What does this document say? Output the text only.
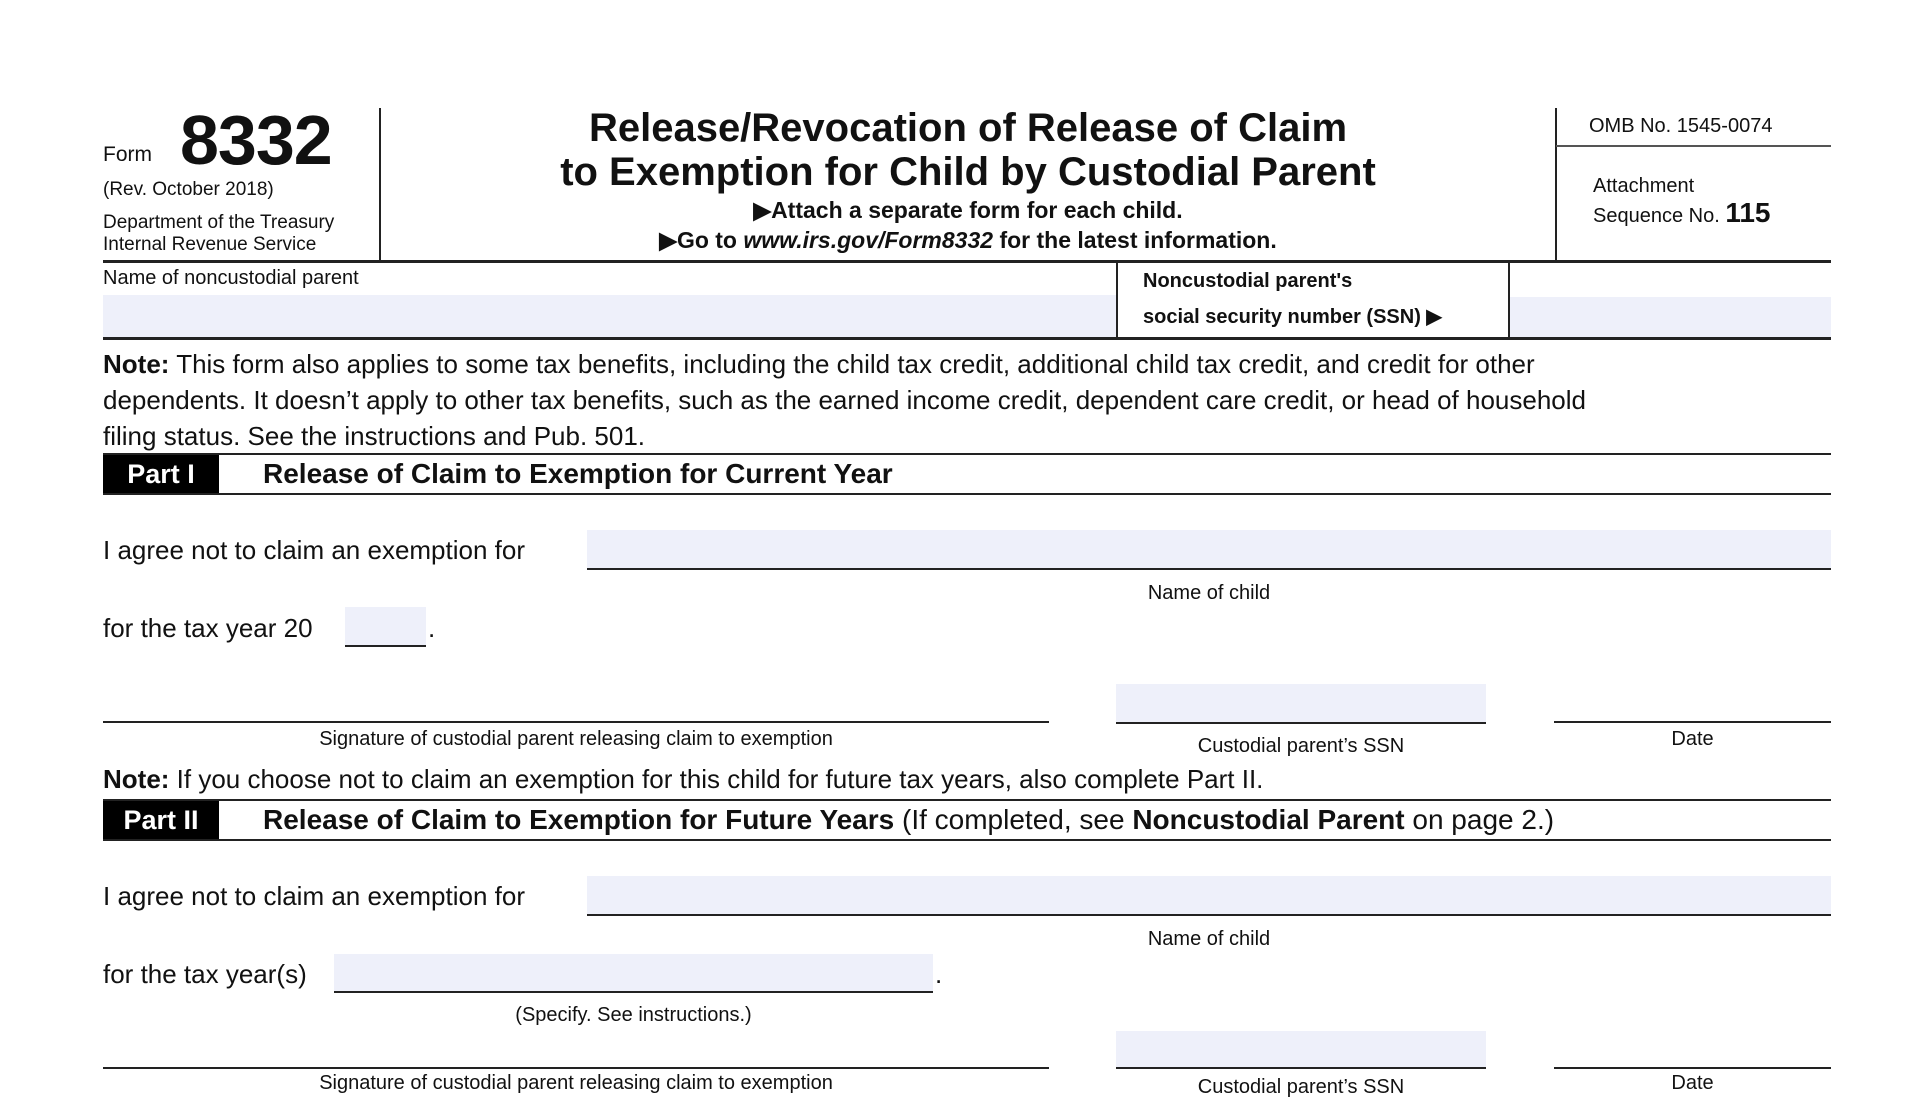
Form 8332
(Rev. October 2018)
Department of the Treasury
Internal Revenue Service
Release/Revocation of Release of Claim
to Exemption for Child by Custodial Parent
▶Attach a separate form for each child.
▶Go to www.irs.gov/Form8332 for the latest information.
OMB No. 1545-0074
Attachment
Sequence No. 115
Name of noncustodial parent	Noncustodial parent's
social security number (SSN) ▶
Note: This form also applies to some tax benefits, including the child tax credit, additional child tax credit, and credit for other
dependents. It doesn’t apply to other tax benefits, such as the earned income credit, dependent care credit, or head of household
filing status. See the instructions and Pub. 501.
Part I	Release of Claim to Exemption for Current Year
I agree not to claim an exemption for
Name of child
for the tax year 20	.
Signature of custodial parent releasing claim to exemption	Custodial parent’s SSN	Date
Note: If you choose not to claim an exemption for this child for future tax years, also complete Part II.
Part II	Release of Claim to Exemption for Future Years (If completed, see Noncustodial Parent on page 2.)
I agree not to claim an exemption for
Name of child
for the tax year(s)	.
(Specify. See instructions.)
Signature of custodial parent releasing claim to exemption	Custodial parent’s SSN	Date
